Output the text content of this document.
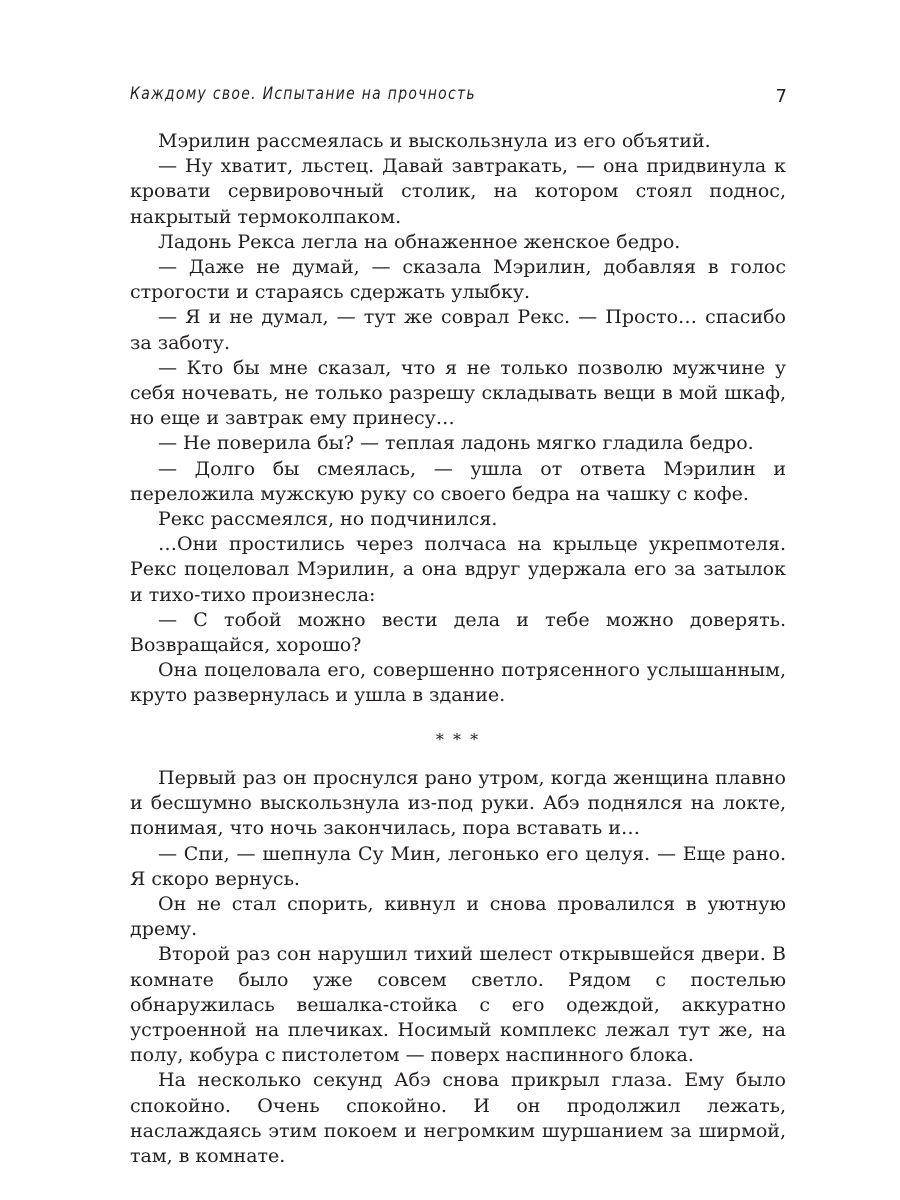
Каждому свое. Испытание на прочность	7

Мэрилин рассмеялась и выскользнула из его объятий.

— Ну хватит, льстец. Давай завтракать, — она придвинула к кровати сервировочный столик, на котором стоял поднос, накрытый термоколпаком.

Ладонь Рекса легла на обнаженное женское бедро.

— Даже не думай, — сказала Мэрилин, добавляя в голос строгости и стараясь сдержать улыбку.

— Я и не думал, — тут же соврал Рекс. — Просто… спасибо за заботу.

— Кто бы мне сказал, что я не только позволю мужчине у себя ночевать, не только разрешу складывать вещи в мой шкаф, но еще и завтрак ему принесу…

— Не поверила бы? — теплая ладонь мягко гладила бедро.

— Долго бы смеялась, — ушла от ответа Мэрилин и переложила мужскую руку со своего бедра на чашку с кофе.

Рекс рассмеялся, но подчинился.

…Они простились через полчаса на крыльце укрепмотеля. Рекс поцеловал Мэрилин, а она вдруг удержала его за затылок и тихо-тихо произнесла:

— С тобой можно вести дела и тебе можно доверять. Возвращайся, хорошо?

Она поцеловала его, совершенно потрясенного услышанным, круто развернулась и ушла в здание.

* * *

Первый раз он проснулся рано утром, когда женщина плавно и бесшумно выскользнула из-под руки. Абэ поднялся на локте, понимая, что ночь закончилась, пора вставать и…

— Спи, — шепнула Су Мин, легонько его целуя. — Еще рано. Я скоро вернусь.

Он не стал спорить, кивнул и снова провалился в уютную дрему.

Второй раз сон нарушил тихий шелест открывшейся двери. В комнате было уже совсем светло. Рядом с постелью обнаружилась вешалка-стойка с его одеждой, аккуратно устроенной на плечиках. Носимый комплекс лежал тут же, на полу, кобура с пистолетом — поверх наспинного блока.

На несколько секунд Абэ снова прикрыл глаза. Ему было спокойно. Очень спокойно. И он продолжил лежать, наслаждаясь этим покоем и негромким шуршанием за ширмой, там, в комнате.
